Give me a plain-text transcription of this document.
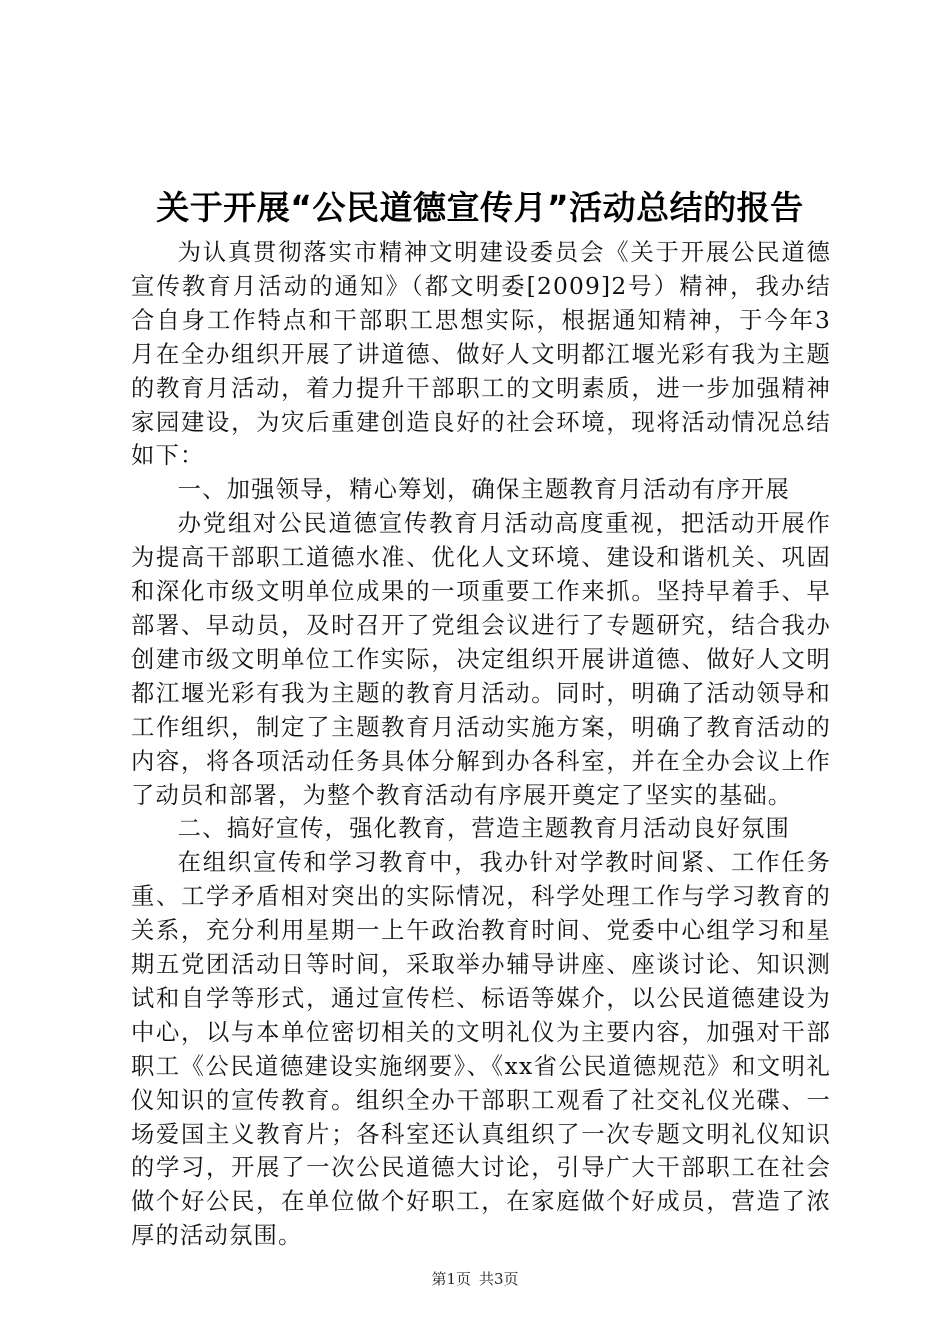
关于开展“公民道德宣传月”活动总结的报告

为认真贯彻落实市精神文明建设委员会《关于开展公民道德宣传教育月活动的通知》（都文明委[2009]2号）精神，我办结合自身工作特点和干部职工思想实际，根据通知精神，于今年3月在全办组织开展了讲道德、做好人文明都江堰光彩有我为主题的教育月活动，着力提升干部职工的文明素质，进一步加强精神家园建设，为灾后重建创造良好的社会环境，现将活动情况总结如下：

一、加强领导，精心筹划，确保主题教育月活动有序开展

办党组对公民道德宣传教育月活动高度重视，把活动开展作为提高干部职工道德水准、优化人文环境、建设和谐机关、巩固和深化市级文明单位成果的一项重要工作来抓。坚持早着手、早部署、早动员，及时召开了党组会议进行了专题研究，结合我办创建市级文明单位工作实际，决定组织开展讲道德、做好人文明都江堰光彩有我为主题的教育月活动。同时，明确了活动领导和工作组织，制定了主题教育月活动实施方案，明确了教育活动的内容，将各项活动任务具体分解到办各科室，并在全办会议上作了动员和部署，为整个教育活动有序展开奠定了坚实的基础。

二、搞好宣传，强化教育，营造主题教育月活动良好氛围

在组织宣传和学习教育中，我办针对学教时间紧、工作任务重、工学矛盾相对突出的实际情况，科学处理工作与学习教育的关系，充分利用星期一上午政治教育时间、党委中心组学习和星期五党团活动日等时间，采取举办辅导讲座、座谈讨论、知识测试和自学等形式，通过宣传栏、标语等媒介，以公民道德建设为中心，以与本单位密切相关的文明礼仪为主要内容，加强对干部职工《公民道德建设实施纲要》、《xx省公民道德规范》和文明礼仪知识的宣传教育。组织全办干部职工观看了社交礼仪光碟、一场爱国主义教育片；各科室还认真组织了一次专题文明礼仪知识的学习，开展了一次公民道德大讨论，引导广大干部职工在社会做个好公民，在单位做个好职工，在家庭做个好成员，营造了浓厚的活动氛围。

第1页 共3页
